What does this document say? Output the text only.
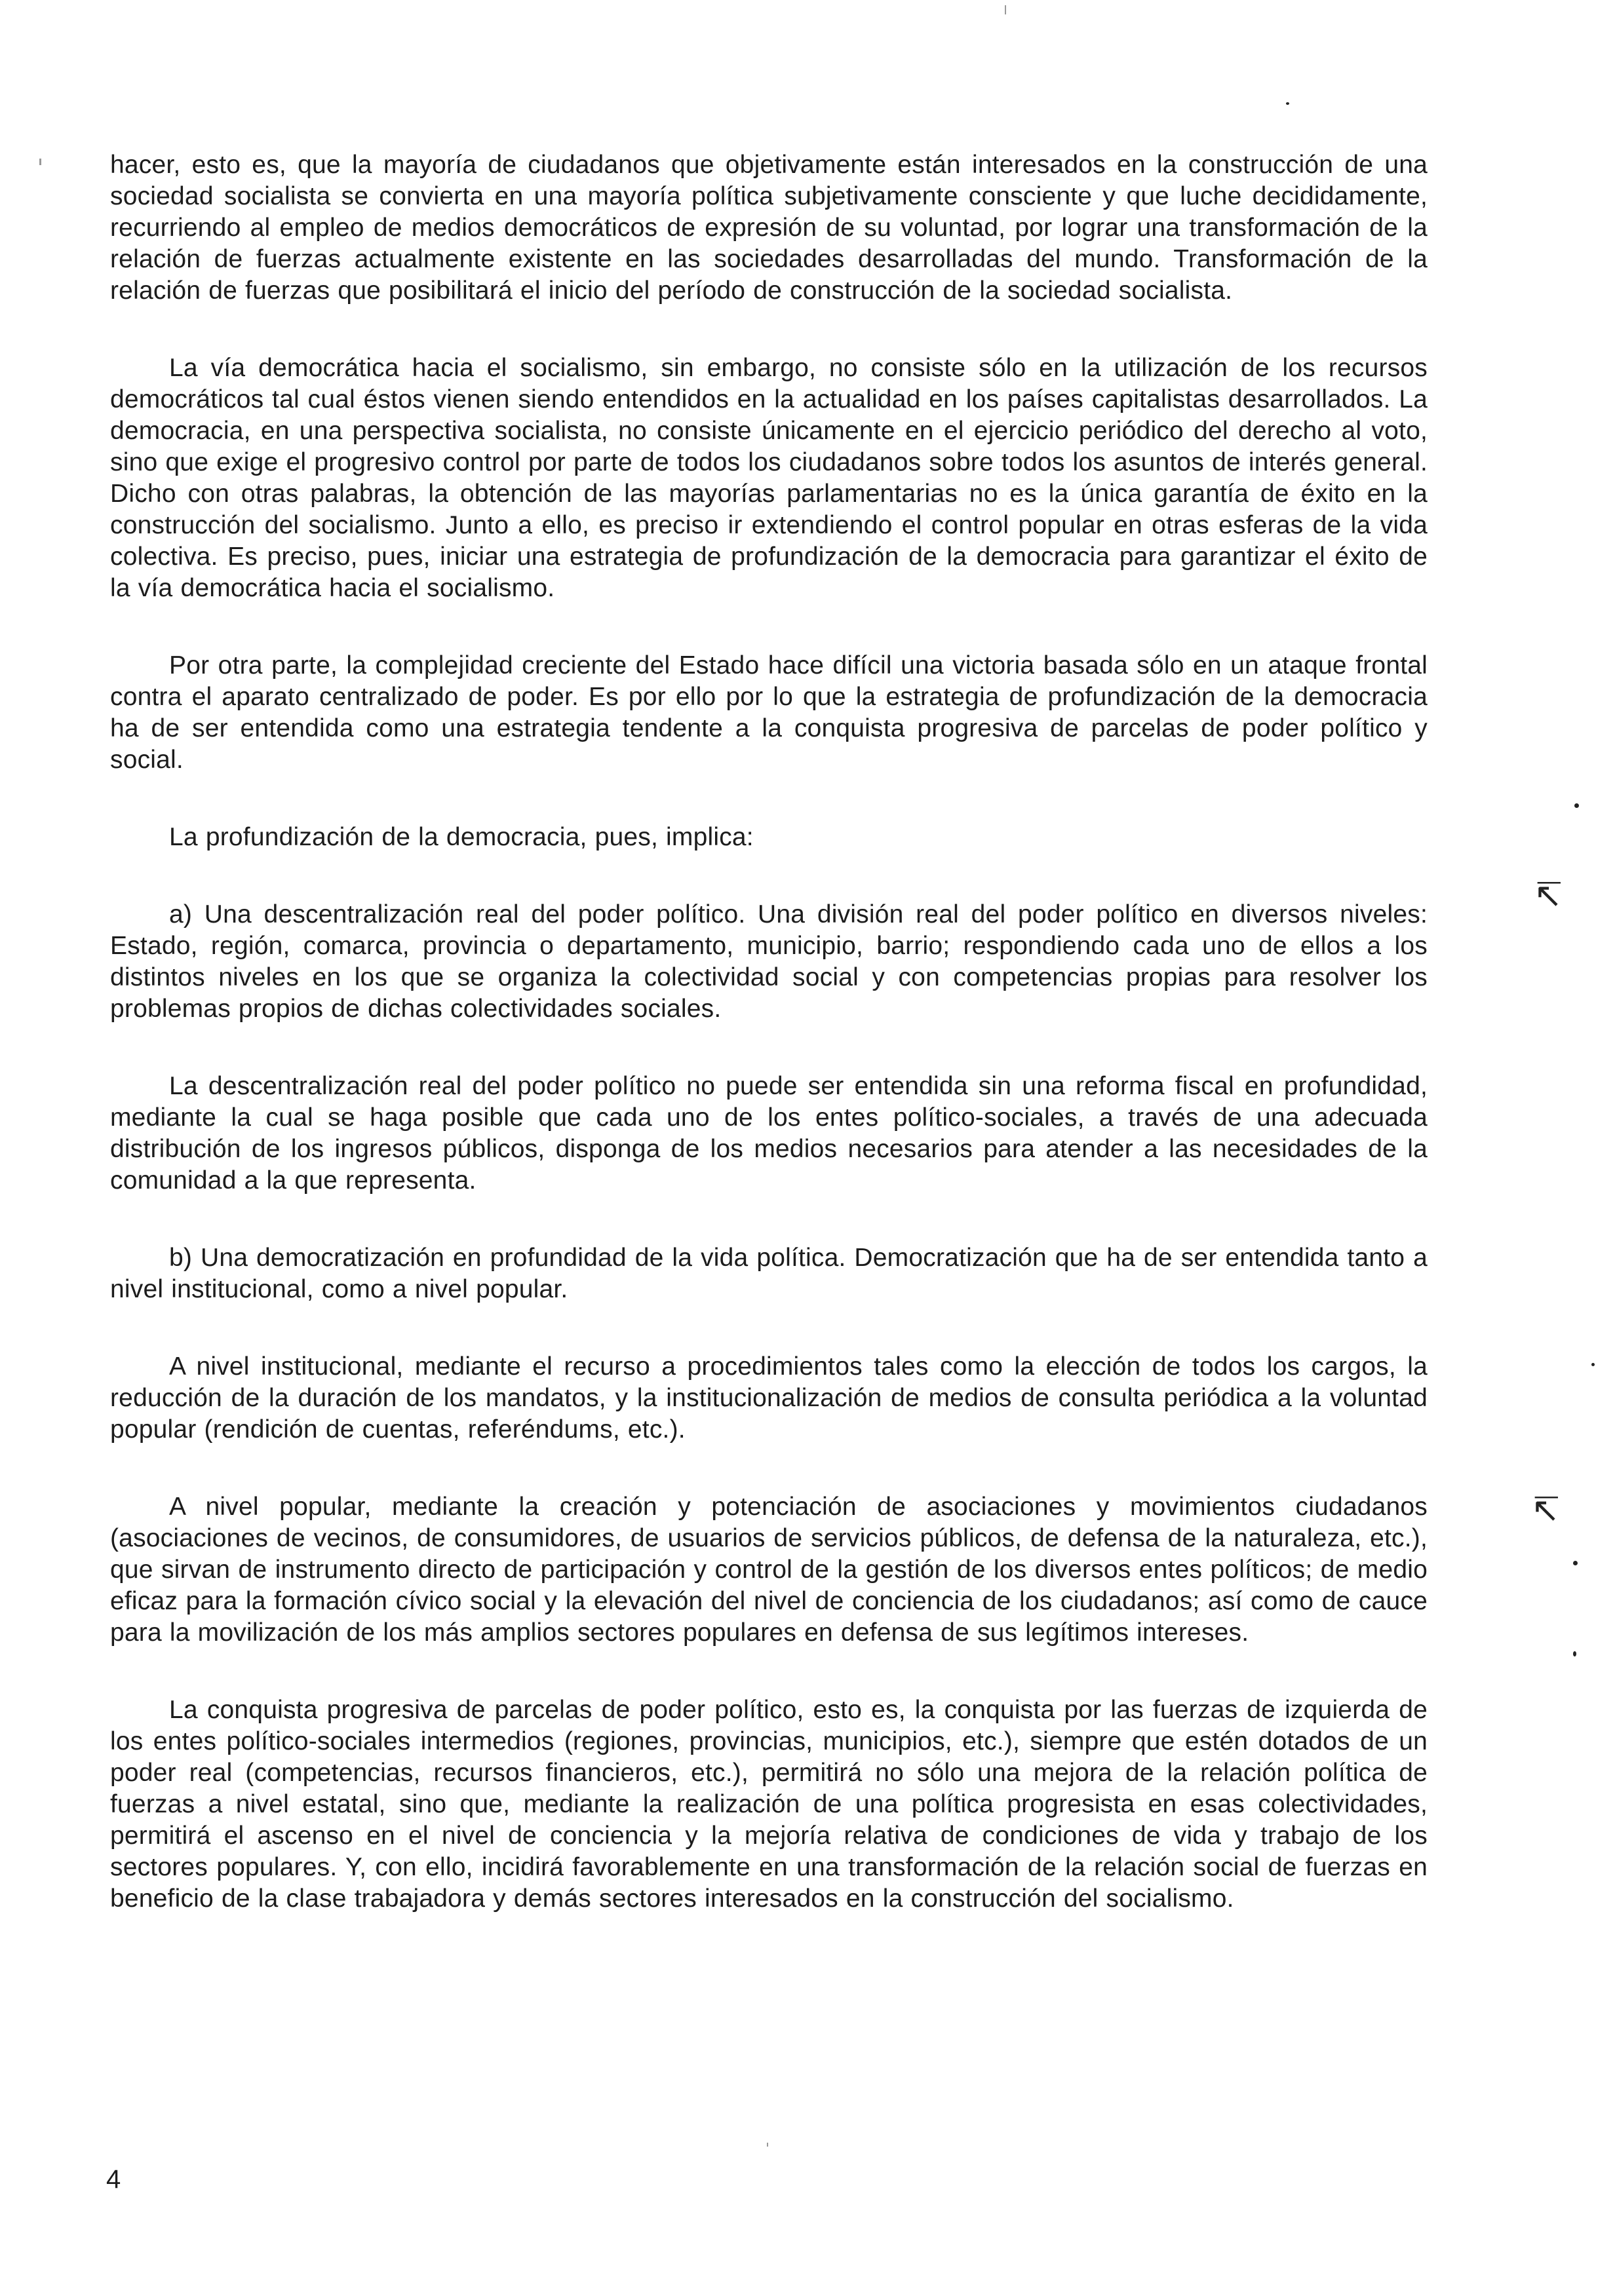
hacer, esto es, que la mayoría de ciudadanos que objetivamente están interesados en la construcción de una sociedad socialista se convierta en una mayoría política subjetivamente consciente y que luche decididamente, recurriendo al empleo de medios democráticos de expresión de su voluntad, por lograr una transformación de la relación de fuerzas actualmente existente en las sociedades desarrolladas del mundo. Transformación de la relación de fuerzas que posibilitará el inicio del período de construcción de la sociedad socialista.

La vía democrática hacia el socialismo, sin embargo, no consiste sólo en la utilización de los recursos democráticos tal cual éstos vienen siendo entendidos en la actualidad en los países capitalistas desarrollados. La democracia, en una perspectiva socialista, no consiste únicamente en el ejercicio periódico del derecho al voto, sino que exige el progresivo control por parte de todos los ciudadanos sobre todos los asuntos de interés general. Dicho con otras palabras, la obtención de las mayorías parlamentarias no es la única garantía de éxito en la construcción del socialismo. Junto a ello, es preciso ir extendiendo el control popular en otras esferas de la vida colectiva. Es preciso, pues, iniciar una estrategia de profundización de la democracia para garantizar el éxito de la vía democrática hacia el socialismo.

Por otra parte, la complejidad creciente del Estado hace difícil una victoria basada sólo en un ataque frontal contra el aparato centralizado de poder. Es por ello por lo que la estrategia de profundización de la democracia ha de ser entendida como una estrategia tendente a la conquista progresiva de parcelas de poder político y social.

La profundización de la democracia, pues, implica:

a) Una descentralización real del poder político. Una división real del poder político en diversos niveles: Estado, región, comarca, provincia o departamento, municipio, barrio; respondiendo cada uno de ellos a los distintos niveles en los que se organiza la colectividad social y con competencias propias para resolver los problemas propios de dichas colectividades sociales.

La descentralización real del poder político no puede ser entendida sin una reforma fiscal en profundidad, mediante la cual se haga posible que cada uno de los entes político-sociales, a través de una adecuada distribución de los ingresos públicos, disponga de los medios necesarios para atender a las necesidades de la comunidad a la que representa.

b) Una democratización en profundidad de la vida política. Democratización que ha de ser entendida tanto a nivel institucional, como a nivel popular.

A nivel institucional, mediante el recurso a procedimientos tales como la elección de todos los cargos, la reducción de la duración de los mandatos, y la institucionalización de medios de consulta periódica a la voluntad popular (rendición de cuentas, referéndums, etc.).

A nivel popular, mediante la creación y potenciación de asociaciones y movimientos ciudadanos (asociaciones de vecinos, de consumidores, de usuarios de servicios públicos, de defensa de la naturaleza, etc.), que sirvan de instrumento directo de participación y control de la gestión de los diversos entes políticos; de medio eficaz para la formación cívico social y la elevación del nivel de conciencia de los ciudadanos; así como de cauce para la movilización de los más amplios sectores populares en defensa de sus legítimos intereses.

La conquista progresiva de parcelas de poder político, esto es, la conquista por las fuerzas de izquierda de los entes político-sociales intermedios (regiones, provincias, municipios, etc.), siempre que estén dotados de un poder real (competencias, recursos financieros, etc.), permitirá no sólo una mejora de la relación política de fuerzas a nivel estatal, sino que, mediante la realización de una política progresista en esas colectividades, permitirá el ascenso en el nivel de conciencia y la mejoría relativa de condiciones de vida y trabajo de los sectores populares. Y, con ello, incidirá favorablemente en una transformación de la relación social de fuerzas en beneficio de la clase trabajadora y demás sectores interesados en la construcción del socialismo.

4
↸
↸
